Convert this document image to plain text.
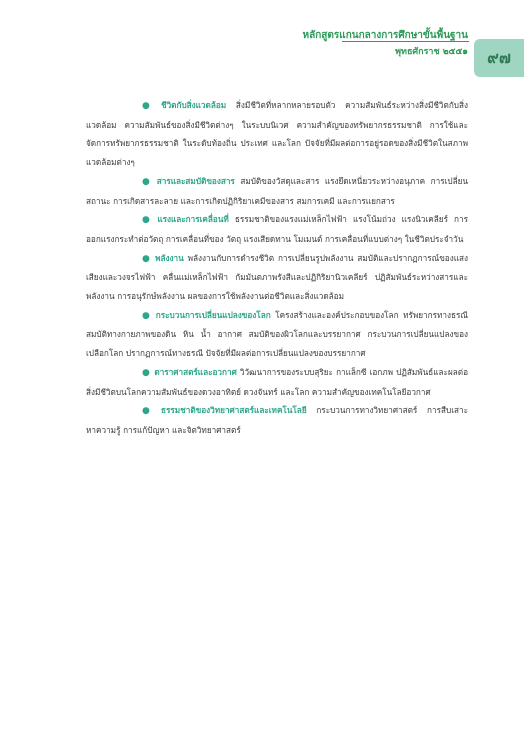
หลักสูตรแกนกลางการศึกษาขั้นพื้นฐาน
พุทธศักราช ๒๕๕๑ ๙๗

● ชีวิตกับสิ่งแวดล้อม สิ่งมีชีวิตที่หลากหลายรอบตัว ความสัมพันธ์ระหว่างสิ่งมีชีวิตกับสิ่งแวดล้อม ความสัมพันธ์ของสิ่งมีชีวิตต่างๆ ในระบบนิเวศ ความสำคัญของทรัพยากรธรรมชาติ การใช้และจัดการทรัพยากรธรรมชาติ ในระดับท้องถิ่น ประเทศ และโลก ปัจจัยที่มีผลต่อการอยู่รอดของสิ่งมีชีวิตในสภาพแวดล้อมต่างๆ

● สารและสมบัติของสาร สมบัติของวัสดุและสาร แรงยึดเหนี่ยวระหว่างอนุภาค การเปลี่ยนสถานะ การเกิดสารละลาย และการเกิดปฏิกิริยาเคมีของสาร สมการเคมี และการแยกสาร

● แรงและการเคลื่อนที่ ธรรมชาติของแรงแม่เหล็กไฟฟ้า แรงโน้มถ่วง แรงนิวเคลียร์ การออกแรงกระทำต่อวัตถุ การเคลื่อนที่ของ วัตถุ แรงเสียดทาน โมเมนต์ การเคลื่อนที่แบบต่างๆ ในชีวิตประจำวัน

● พลังงาน พลังงานกับการดำรงชีวิต การเปลี่ยนรูปพลังงาน สมบัติและปรากฏการณ์ของแสง เสียงและวงจรไฟฟ้า คลื่นแม่เหล็กไฟฟ้า กัมมันตภาพรังสีและปฏิกิริยานิวเคลียร์ ปฏิสัมพันธ์ระหว่างสารและพลังงาน การอนุรักษ์พลังงาน ผลของการใช้พลังงานต่อชีวิตและสิ่งแวดล้อม

● กระบวนการเปลี่ยนแปลงของโลก โครงสร้างและองค์ประกอบของโลก ทรัพยากรทางธรณี สมบัติทางกายภาพของดิน หิน น้ำ อากาศ สมบัติของผิวโลกและบรรยากาศ กระบวนการเปลี่ยนแปลงของเปลือกโลก ปรากฏการณ์ทางธรณี ปัจจัยที่มีผลต่อการเปลี่ยนแปลงของบรรยากาศ

● ดาราศาสตร์และอวกาศ วิวัฒนาการของระบบสุริยะ กาแล็กซี เอกภพ ปฏิสัมพันธ์และผลต่อสิ่งมีชีวิตบนโลกความสัมพันธ์ของดวงอาทิตย์ ดวงจันทร์ และโลก ความสำคัญของเทคโนโลยีอวกาศ

● ธรรมชาติของวิทยาศาสตร์และเทคโนโลยี กระบวนการทางวิทยาศาสตร์ การสืบเสาะหาความรู้ การแก้ปัญหา และจิตวิทยาศาสตร์
